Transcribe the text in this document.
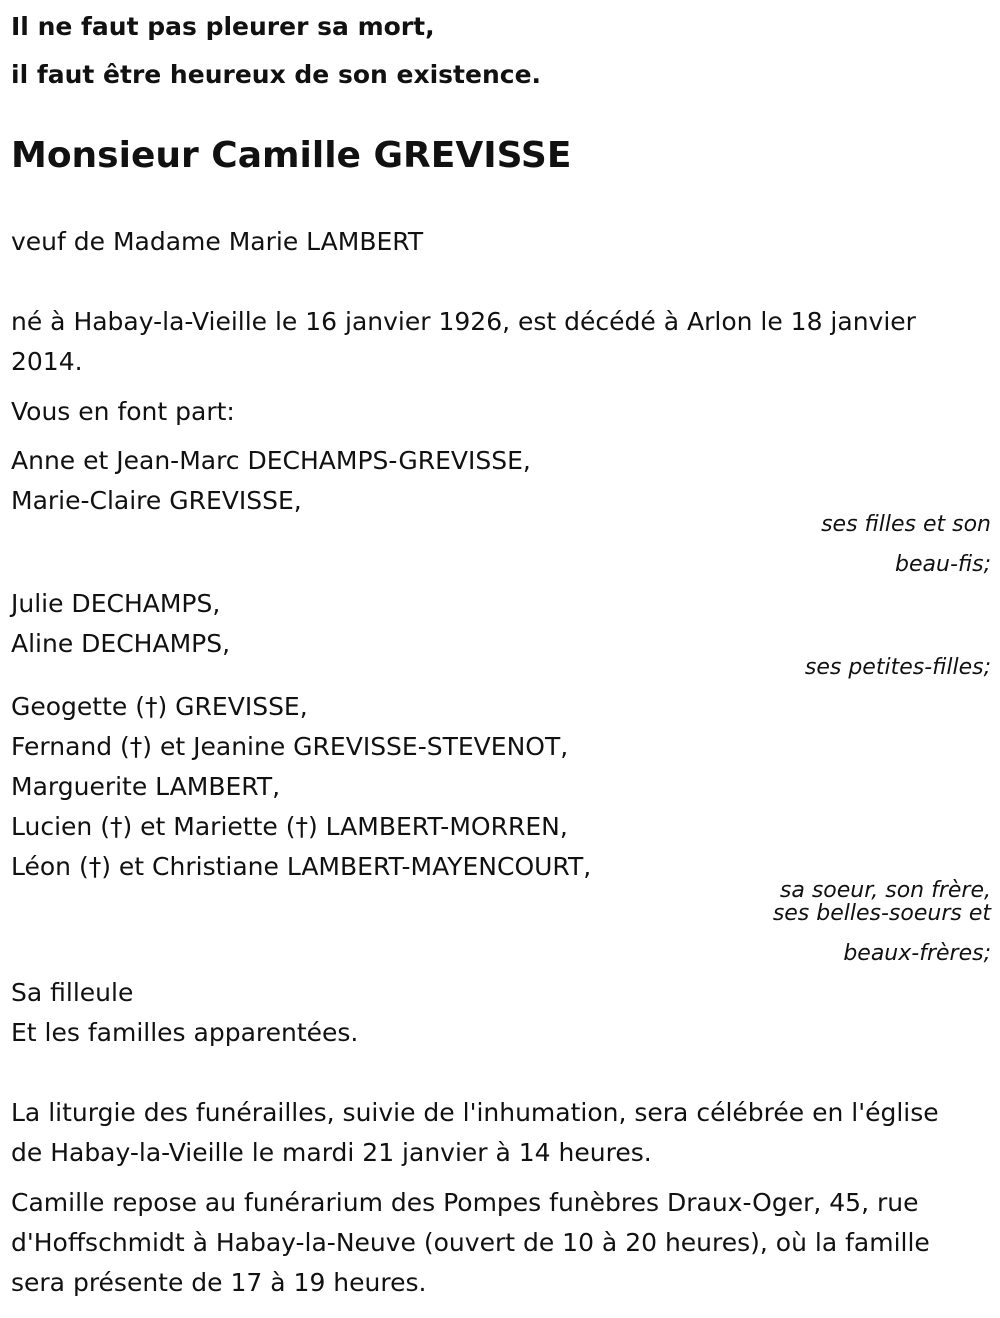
Il ne faut pas pleurer sa mort,
il faut être heureux de son existence.
Monsieur Camille GREVISSE
veuf de Madame Marie LAMBERT
né à Habay-la-Vieille le 16 janvier 1926, est décédé à Arlon le 18 janvier
2014.
Vous en font part:
Anne et Jean-Marc DECHAMPS-GREVISSE,
Marie-Claire GREVISSE,
ses filles et son
beau-fis;
Julie DECHAMPS,
Aline DECHAMPS,
ses petites-filles;
Geogette (†) GREVISSE,
Fernand (†) et Jeanine GREVISSE-STEVENOT,
Marguerite LAMBERT,
Lucien (†) et Mariette (†) LAMBERT-MORREN,
Léon (†) et Christiane LAMBERT-MAYENCOURT,
sa soeur, son frère,
ses belles-soeurs et
beaux-frères;
Sa filleule
Et les familles apparentées.
La liturgie des funérailles, suivie de l'inhumation, sera célébrée en l'église
de Habay-la-Vieille le mardi 21 janvier à 14 heures.
Camille repose au funérarium des Pompes funèbres Draux-Oger, 45, rue
d'Hoffschmidt à Habay-la-Neuve (ouvert de 10 à 20 heures), où la famille
sera présente de 17 à 19 heures.
